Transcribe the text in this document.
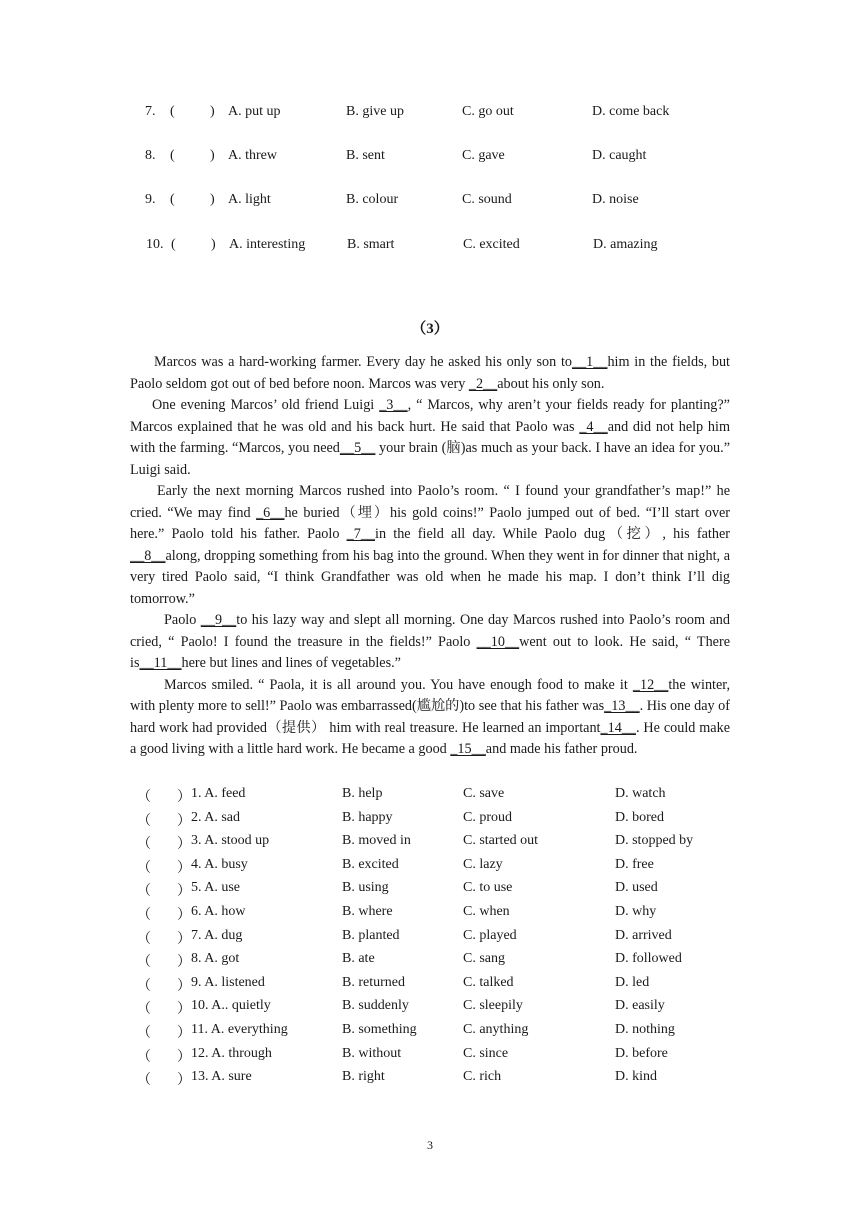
7. (	) A. put up	B. give up	C. go out	D. come back
8. (	) A. threw	B. sent	C. gave	D. caught
9. (	) A. light	B. colour	C. sound	D. noise
10. (	) A. interesting	B. smart	C. excited	D. amazing
（3）

Marcos was a hard-working farmer. Every day he asked his only son to__1__him in the fields, but Paolo seldom got out of bed before noon. Marcos was very _2__about his only son.

One evening Marcos’ old friend Luigi _3__, “ Marcos, why aren’t your fields ready for planting?” Marcos explained that he was old and his back hurt. He said that Paolo was _4__and did not help him with the farming. “Marcos, you need__5__ your brain (脑)as much as your back. I have an idea for you.” Luigi said.

Early the next morning Marcos rushed into Paolo’s room. “ I found your grandfather’s map!” he cried. “We may find _6__he buried（埋）his gold coins!” Paolo jumped out of bed. “I’ll start over here.” Paolo told his father. Paolo _7__in the field all day. While Paolo dug（挖）, his father __8__along, dropping something from his bag into the ground. When they went in for dinner that night, a very tired Paolo said, “I think Grandfather was old when he made his map. I don’t think I’ll dig tomorrow.”

Paolo __9__to his lazy way and slept all morning. One day Marcos rushed into Paolo’s room and cried, “ Paolo! I found the treasure in the fields!” Paolo __10__went out to look. He said, “ There is__11__here but lines and lines of vegetables.”

Marcos smiled. “ Paola, it is all around you. You have enough food to make it _12__the winter, with plenty more to sell!” Paolo was embarrassed(尴尬的)to see that his father was_13__. His one day of hard work had provided（提供） him with real treasure. He learned an important_14__. He could make a good living with a little hard work. He became a good _15__and made his father proud.

（ ） 1. A. feed	B. help	C. save	D. watch
（ ） 2. A. sad	B. happy	C. proud	D. bored
（ ） 3. A. stood up	B. moved in	C. started out	D. stopped by
（ ） 4. A. busy	B. excited	C. lazy	D. free
（ ） 5. A. use	B. using	C. to use	D. used
（ ） 6. A. how	B. where	C. when	D. why
（ ） 7. A. dug	B. planted	C. played	D. arrived
（ ） 8. A. got	B. ate	C. sang	D. followed
（ ） 9. A. listened	B. returned	C. talked	D. led
（ ） 10. A.. quietly	B. suddenly	C. sleepily	D. easily
（ ） 11. A. everything	B. something	C. anything	D. nothing
（ ） 12. A. through	B. without	C. since	D. before
（ ） 13. A. sure	B. right	C. rich	D. kind
3
